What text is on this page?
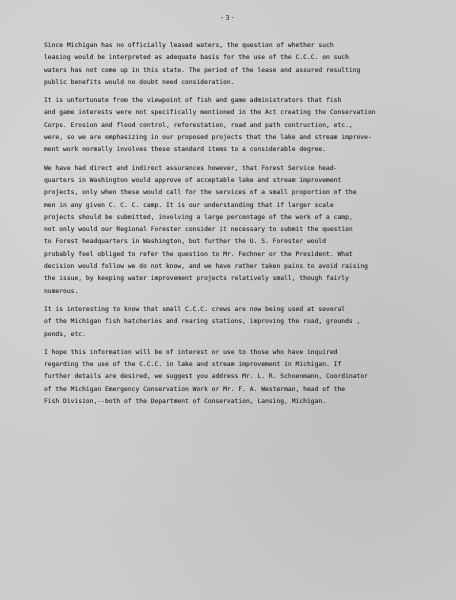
-3-

Since Michigan has no officially leased waters, the question of whether such
leasing would be interpreted as adequate basis for the use of the C.C.C. on such
waters has not come up in this state. The period of the lease and assured resulting
public benefits would no doubt need consideration.

It is unfortunate from the viewpoint of fish and game administrators that fish
and game interests were not specifically mentioned in the Act creating the Conservation
Corps. Erosion and flood control, reforestation, road and path contruction, etc.,
were, so we are emphasizing in our proposed projects that the lake and stream improve-
ment work normally involves these standard items to a considerable degree.

We have had direct and indirect assurances however, that Forest Service head-
quarters in Washington would approve of acceptable lake and stream improvement
projects, only when these would call for the services of a small proportion of the
men in any given C. C. C. camp. It is our understanding that if larger scale
projects should be submitted, involving a large percentage of the work of a camp,
not only would our Regional Forester consider it necessary to submit the question
to Forest headquarters in Washington, but further the U. S. Forester would
probably feel obliged to refer the question to Mr. Fechner or the President. What
decision would follow we do not know, and we have rather taken pains to avoid raising
the issue, by keeping water improvement projects relatively small, though fairly
numerous.

It is interesting to know that small C.C.C. crews are now being used at several
of the Michigan fish hatcheries and rearing stations, improving the road, grounds ,
ponds, etc.

I hope this information will be of interest or use to those who have inquired
regarding the use of the C.C.C. in lake and stream improvement in Michigan. If
further details are desired, we suggest you address Mr. L. R. Schoenmann, Coordinator
of the Michigan Emergency Conservation Work or Mr. F. A. Westerman, head of the
Fish Division,--both of the Department of Conservation, Lansing, Michigan.
